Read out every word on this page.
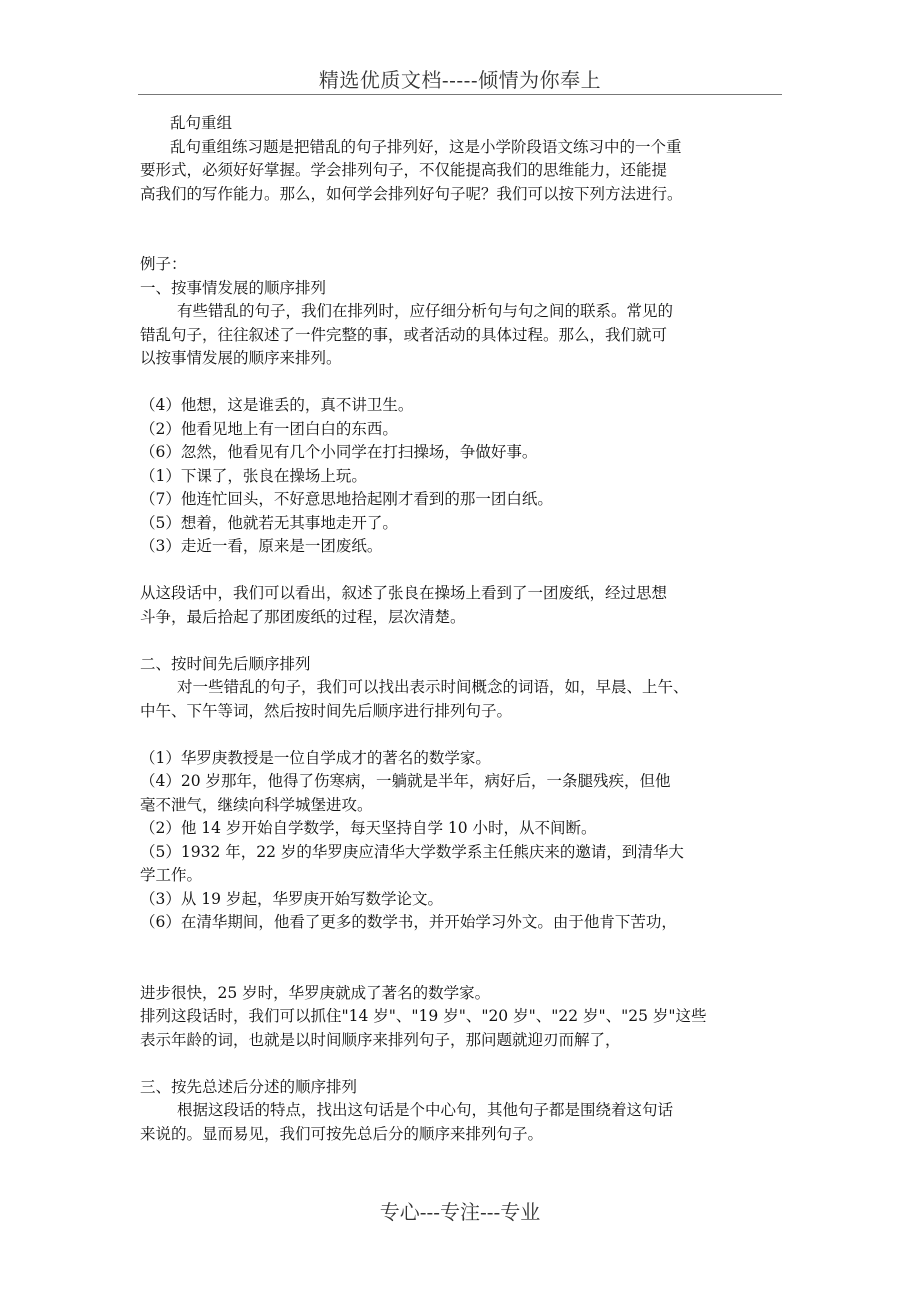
精选优质文档-----倾情为你奉上

乱句重组

乱句重组练习题是把错乱的句子排列好，这是小学阶段语文练习中的一个重

要形式，必须好好掌握。学会排列句子，不仅能提高我们的思维能力，还能提

高我们的写作能力。那么，如何学会排列好句子呢？我们可以按下列方法进行。

例子：

一、按事情发展的顺序排列

有些错乱的句子，我们在排列时，应仔细分析句与句之间的联系。常见的

错乱句子，往往叙述了一件完整的事，或者活动的具体过程。那么，我们就可

以按事情发展的顺序来排列。

（4）他想，这是谁丢的，真不讲卫生。

（2）他看见地上有一团白白的东西。

（6）忽然，他看见有几个小同学在打扫操场，争做好事。

（1）下课了，张良在操场上玩。

（7）他连忙回头，不好意思地拾起刚才看到的那一团白纸。

（5）想着，他就若无其事地走开了。

（3）走近一看，原来是一团废纸。

从这段话中，我们可以看出，叙述了张良在操场上看到了一团废纸，经过思想

斗争，最后拾起了那团废纸的过程，层次清楚。

二、按时间先后顺序排列

对一些错乱的句子，我们可以找出表示时间概念的词语，如，早晨、上午、

中午、下午等词，然后按时间先后顺序进行排列句子。

（1）华罗庚教授是一位自学成才的著名的数学家。

（4）20 岁那年，他得了伤寒病，一躺就是半年，病好后，一条腿残疾，但他

毫不泄气，继续向科学城堡进攻。

（2）他 14 岁开始自学数学，每天坚持自学 10 小时，从不间断。

（5）1932 年，22 岁的华罗庚应清华大学数学系主任熊庆来的邀请，到清华大

学工作。

（3）从 19 岁起，华罗庚开始写数学论文。

（6）在清华期间，他看了更多的数学书，并开始学习外文。由于他肯下苦功，

进步很快，25 岁时，华罗庚就成了著名的数学家。

排列这段话时，我们可以抓住"14 岁"、"19 岁"、"20 岁"、"22 岁"、"25 岁"这些

表示年龄的词，也就是以时间顺序来排列句子，那问题就迎刃而解了，

三、按先总述后分述的顺序排列

根据这段话的特点，找出这句话是个中心句，其他句子都是围绕着这句话

来说的。显而易见，我们可按先总后分的顺序来排列句子。

专心---专注---专业
